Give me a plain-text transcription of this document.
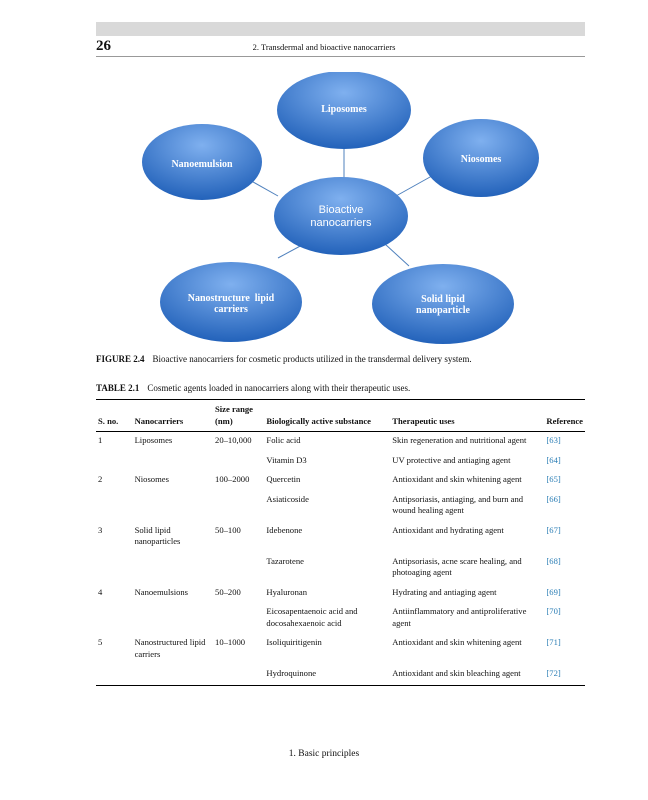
26	2. Transdermal and bioactive nanocarriers
Liposomes
Niosomes
Nanoemulsion
Bioactive
nanocarriers
Nanostructure  lipid
carriers
Solid lipid
nanoparticle
FIGURE 2.4 Bioactive nanocarriers for cosmetic products utilized in the transdermal delivery system.
TABLE 2.1 Cosmetic agents loaded in nanocarriers along with their therapeutic uses.
S. no.	Nanocarriers	Size range (nm)	Biologically active substance	Therapeutic uses	Reference
1	Liposomes	20–10,000	Folic acid	Skin regeneration and nutritional agent	[63]
			Vitamin D3	UV protective and antiaging agent	[64]
2	Niosomes	100–2000	Quercetin	Antioxidant and skin whitening agent	[65]
			Asiaticoside	Antipsoriasis, antiaging, and burn and wound healing agent	[66]
3	Solid lipid nanoparticles	50–100	Idebenone	Antioxidant and hydrating agent	[67]
			Tazarotene	Antipsoriasis, acne scare healing, and photoaging agent	[68]
4	Nanoemulsions	50–200	Hyaluronan	Hydrating and antiaging agent	[69]
			Eicosapentaenoic acid and docosahexaenoic acid	Antiinflammatory and antiproliferative agent	[70]
5	Nanostructured lipid carriers	10–1000	Isoliquiritigenin	Antioxidant and skin whitening agent	[71]
			Hydroquinone	Antioxidant and skin bleaching agent	[72]
1. Basic principles
